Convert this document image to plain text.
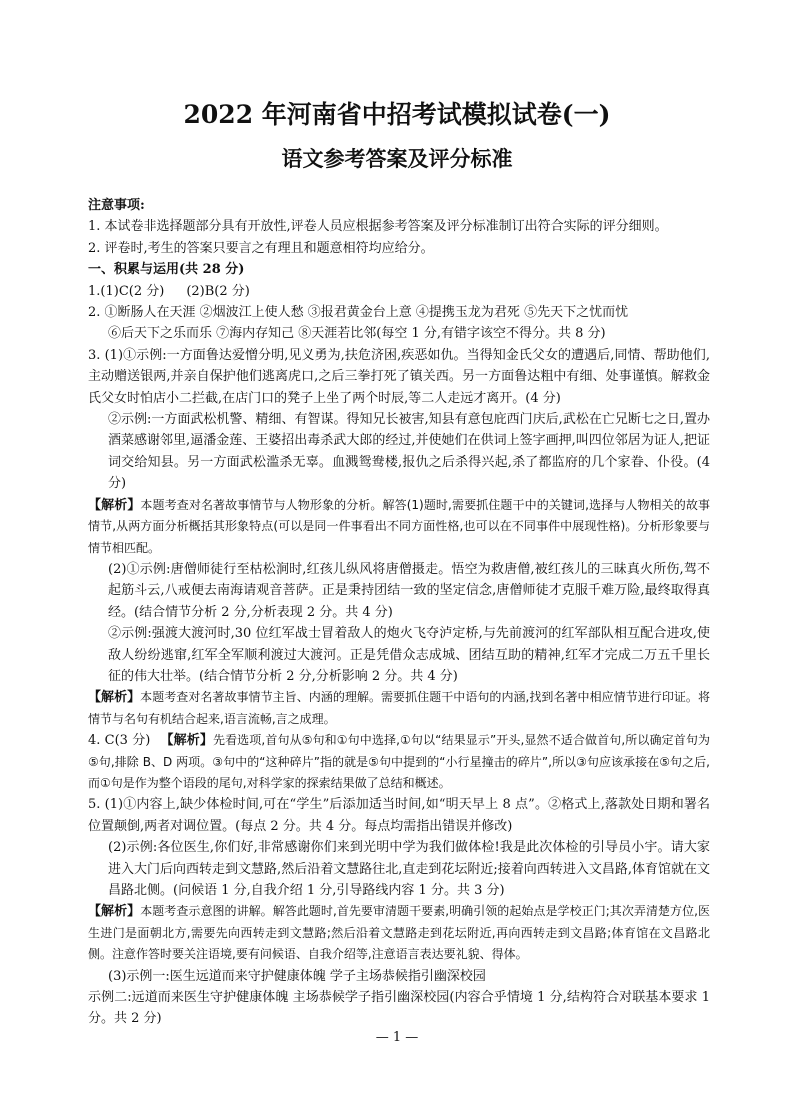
2022 年河南省中招考试模拟试卷(一)
语文参考答案及评分标准

注意事项:

1. 本试卷非选择题部分具有开放性,评卷人员应根据参考答案及评分标准制订出符合实际的评分细则。

2. 评卷时,考生的答案只要言之有理且和题意相符均应给分。

一、积累与运用(共 28 分)

1.(1)C(2 分) (2)B(2 分)

2. ①断肠人在天涯 ②烟波江上使人愁 ③报君黄金台上意 ④提携玉龙为君死 ⑤先天下之忧而忧

⑥后天下之乐而乐 ⑦海内存知己 ⑧天涯若比邻(每空 1 分,有错字该空不得分。共 8 分)

3. (1)①示例:一方面鲁达爱憎分明,见义勇为,扶危济困,疾恶如仇。当得知金氏父女的遭遇后,同情、帮助他们,主动赠送银两,并亲自保护他们逃离虎口,之后三拳打死了镇关西。另一方面鲁达粗中有细、处事谨慎。解救金氏父女时怕店小二拦截,在店门口的凳子上坐了两个时辰,等二人走远才离开。(4 分)

②示例:一方面武松机警、精细、有智谋。得知兄长被害,知县有意包庇西门庆后,武松在亡兄断七之日,置办酒菜感谢邻里,逼潘金莲、王婆招出毒杀武大郎的经过,并使她们在供词上签字画押,叫四位邻居为证人,把证词交给知县。另一方面武松滥杀无辜。血溅鸳鸯楼,报仇之后杀得兴起,杀了都监府的几个家眷、仆役。(4 分)

【解析】本题考查对名著故事情节与人物形象的分析。解答(1)题时,需要抓住题干中的关键词,选择与人物相关的故事情节,从两方面分析概括其形象特点(可以是同一件事看出不同方面性格,也可以在不同事件中展现性格)。分析形象要与情节相匹配。

(2)①示例:唐僧师徒行至枯松涧时,红孩儿纵风将唐僧摄走。悟空为救唐僧,被红孩儿的三昧真火所伤,驾不起筋斗云,八戒便去南海请观音菩萨。正是秉持团结一致的坚定信念,唐僧师徒才克服千难万险,最终取得真经。(结合情节分析 2 分,分析表现 2 分。共 4 分)

②示例:强渡大渡河时,30 位红军战士冒着敌人的炮火飞夺泸定桥,与先前渡河的红军部队相互配合进攻,使敌人纷纷逃窜,红军全军顺利渡过大渡河。正是凭借众志成城、团结互助的精神,红军才完成二万五千里长征的伟大壮举。(结合情节分析 2 分,分析影响 2 分。共 4 分)

【解析】本题考查对名著故事情节主旨、内涵的理解。需要抓住题干中语句的内涵,找到名著中相应情节进行印证。将情节与名句有机结合起来,语言流畅,言之成理。

4. C(3 分) 【解析】先看选项,首句从⑤句和①句中选择,①句以“结果显示”开头,显然不适合做首句,所以确定首句为⑤句,排除 B、D 两项。③句中的“这种碎片”指的就是⑤句中提到的“小行星撞击的碎片”,所以③句应该承接在⑤句之后,而①句是作为整个语段的尾句,对科学家的探索结果做了总结和概述。

5. (1)①内容上,缺少体检时间,可在“学生”后添加适当时间,如“明天早上 8 点”。②格式上,落款处日期和署名位置颠倒,两者对调位置。(每点 2 分。共 4 分。每点均需指出错误并修改)

(2)示例:各位医生,你们好,非常感谢你们来到光明中学为我们做体检!我是此次体检的引导员小宇。请大家进入大门后向西转走到文慧路,然后沿着文慧路往北,直走到花坛附近;接着向西转进入文昌路,体育馆就在文昌路北侧。(问候语 1 分,自我介绍 1 分,引导路线内容 1 分。共 3 分)

【解析】本题考查示意图的讲解。解答此题时,首先要审清题干要素,明确引领的起始点是学校正门;其次弄清楚方位,医生进门是面朝北方,需要先向西转走到文慧路;然后沿着文慧路走到花坛附近,再向西转走到文昌路;体育馆在文昌路北侧。注意作答时要关注语境,要有问候语、自我介绍等,注意语言表达要礼貌、得体。

(3)示例一:医生远道而来守护健康体魄 学子主场恭候指引幽深校园

示例二:远道而来医生守护健康体魄 主场恭候学子指引幽深校园(内容合乎情境 1 分,结构符合对联基本要求 1 分。共 2 分)

— 1 —
